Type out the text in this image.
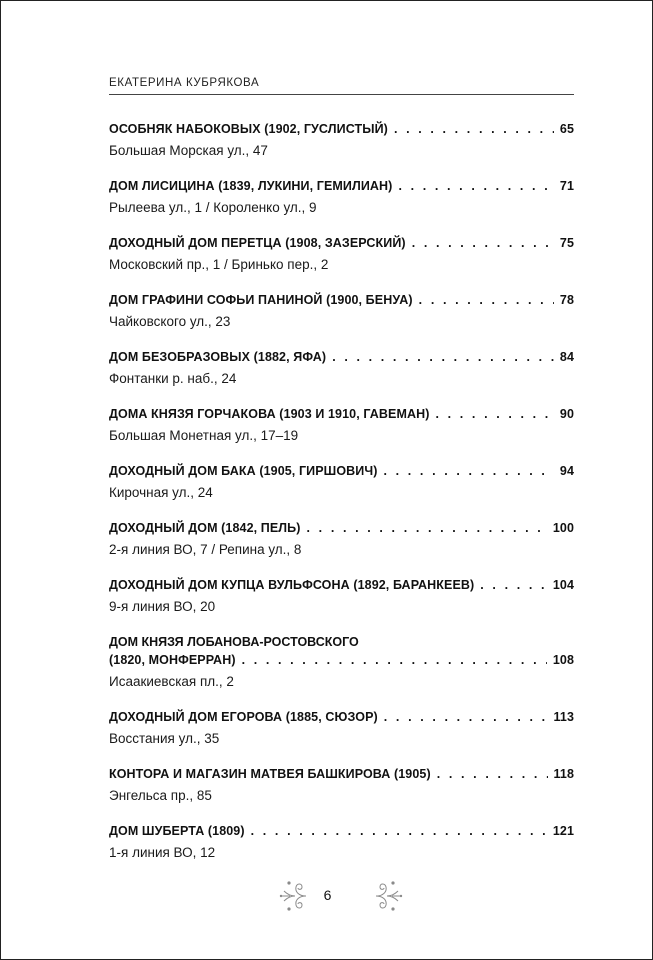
ЕКАТЕРИНА КУБРЯКОВА
ОСОБНЯК НАБОКОВЫХ (1902, ГУСЛИСТЫЙ) . . .	65
Большая Морская ул., 47
ДОМ ЛИСИЦИНА (1839, ЛУКИНИ, ГЕМИЛИАН) . . .	71
Рылеева ул., 1 / Короленко ул., 9
ДОХОДНЫЙ ДОМ ПЕРЕТЦА (1908, ЗАЗЕРСКИЙ) . . .	75
Московский пр., 1 / Бринько пер., 2
ДОМ ГРАФИНИ СОФЬИ ПАНИНОЙ (1900, БЕНУА) . . .	78
Чайковского ул., 23
ДОМ БЕЗОБРАЗОВЫХ (1882, ЯФА) . . .	84
Фонтанки р. наб., 24
ДОМА КНЯЗЯ ГОРЧАКОВА (1903 И 1910, ГАВЕМАН) . . .	90
Большая Монетная ул., 17–19
ДОХОДНЫЙ ДОМ БАКА (1905, ГИРШОВИЧ) . . .	94
Кирочная ул., 24
ДОХОДНЫЙ ДОМ (1842, ПЕЛЬ) . . .	100
2-я линия ВО, 7 / Репина ул., 8
ДОХОДНЫЙ ДОМ КУПЦА ВУЛЬФСОНА (1892, БАРАНКЕЕВ) . . .	104
9-я линия ВО, 20
ДОМ КНЯЗЯ ЛОБАНОВА-РОСТОВСКОГО
(1820, МОНФЕРРАН) . . .	108
Исаакиевская пл., 2
ДОХОДНЫЙ ДОМ ЕГОРОВА (1885, СЮЗОР) . . .	113
Восстания ул., 35
КОНТОРА И МАГАЗИН МАТВЕЯ БАШКИРОВА (1905) . . .	118
Энгельса пр., 85
ДОМ ШУБЕРТА (1809) . . .	121
1-я линия ВО, 12
6
